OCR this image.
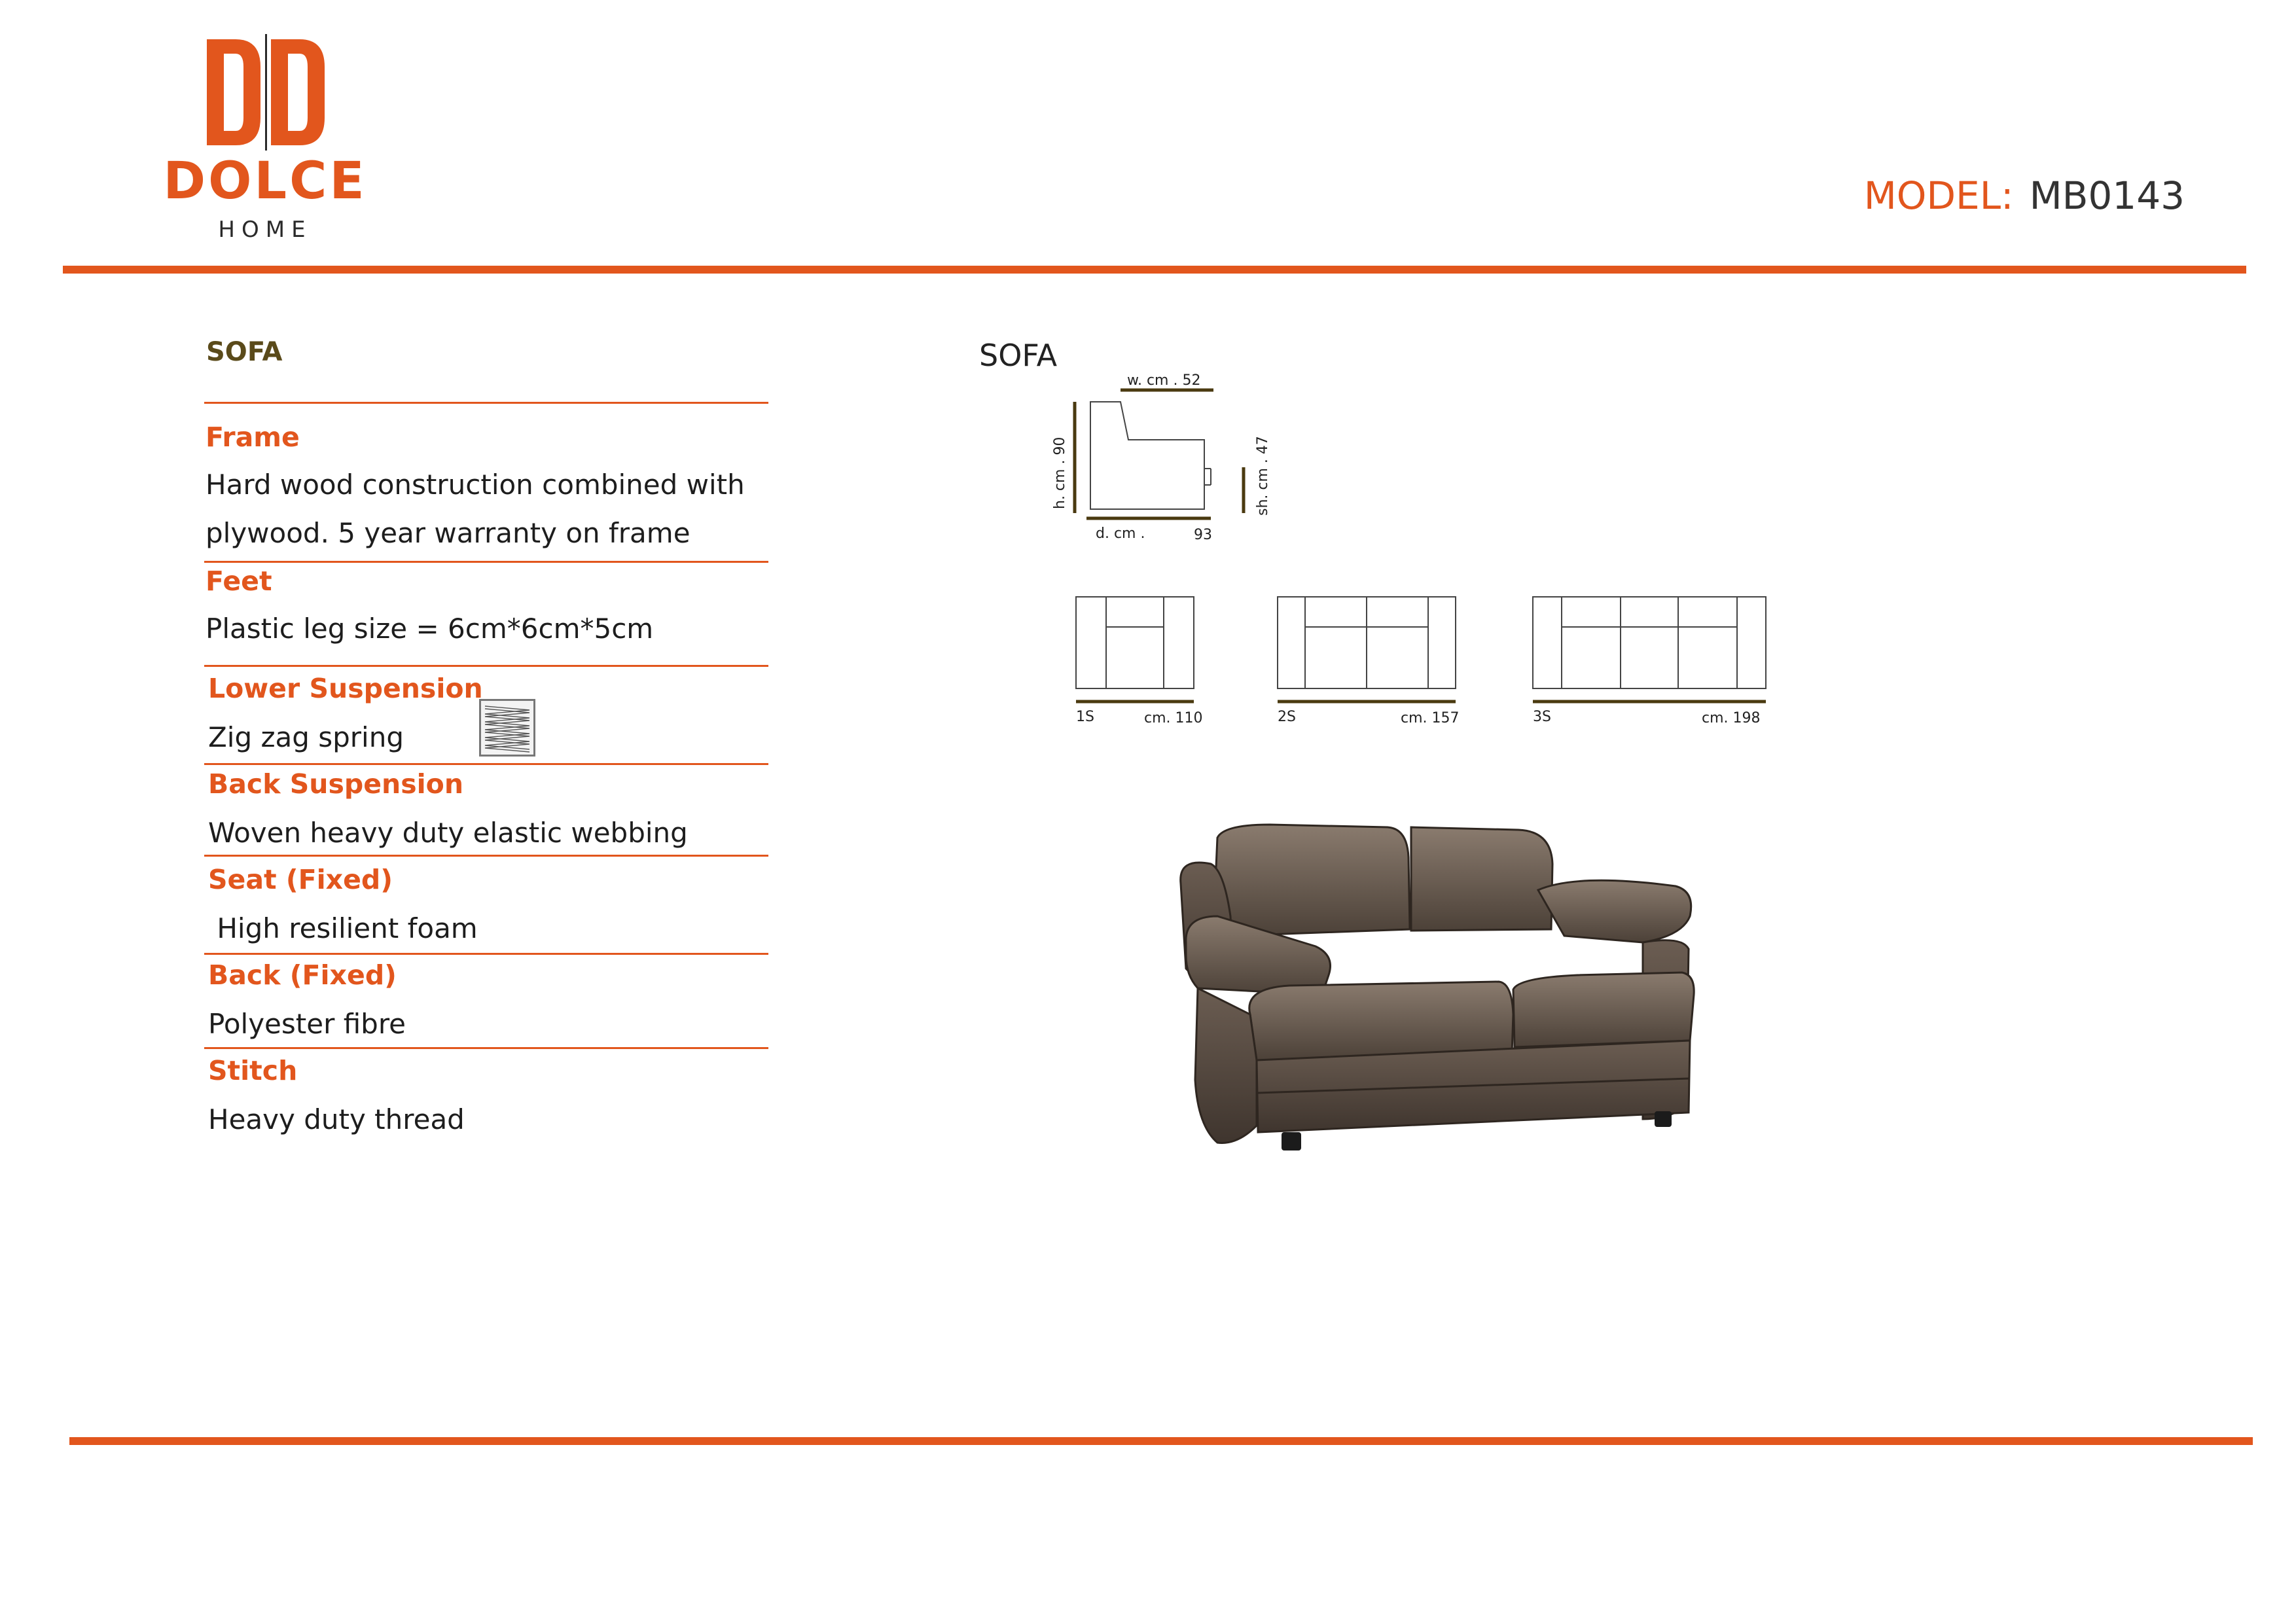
DOLCE
HOME
MODEL: MB0143
SOFA
Frame
Hard wood construction combined with
plywood. 5 year warranty on frame
Feet
Plastic leg size = 6cm*6cm*5cm
Lower Suspension
Zig zag spring
Back Suspension
Woven heavy duty elastic webbing
Seat (Fixed)
High resilient foam
Back (Fixed)
Polyester fibre
Stitch
Heavy duty thread
SOFA
w. cm . 52
h. cm . 90
d. cm .	93
sh. cm . 47
1S	cm. 110	2S	cm. 157	3S	cm. 198
